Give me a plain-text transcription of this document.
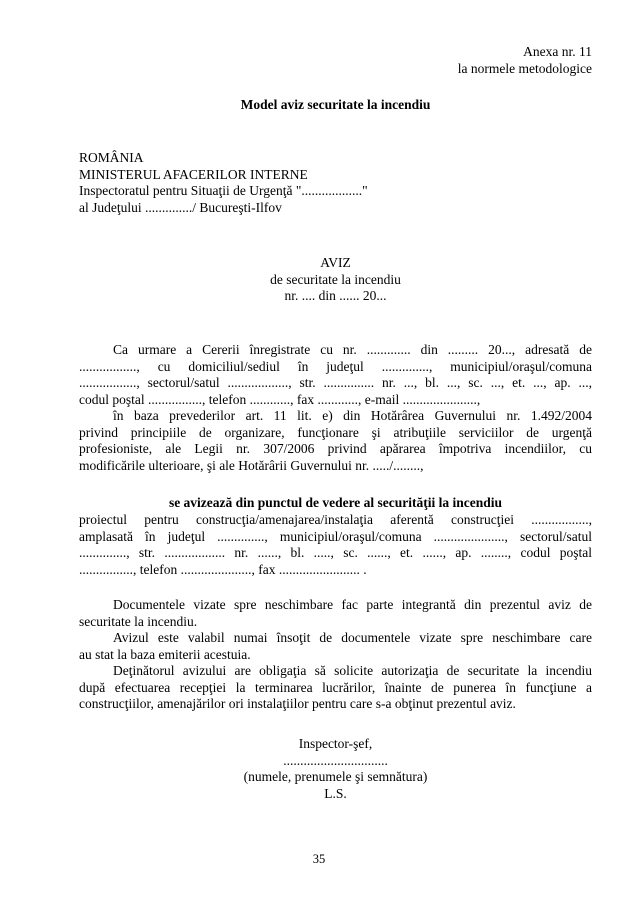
Anexa nr. 11
la normele metodologice
Model aviz securitate la incendiu
ROMÂNIA
MINISTERUL AFACERILOR INTERNE
Inspectoratul pentru Situaţii de Urgenţă ".................."
al Judeţului ............../ Bucureşti-Ilfov
AVIZ
de securitate la incendiu
nr. .... din ...... 20...
Ca urmare a Cererii înregistrate cu nr. ............. din ......... 20..., adresată de
................., cu domiciliul/sediul în judeţul .............., municipiul/oraşul/comuna
................., sectorul/satul .................., str. ............... nr. ..., bl. ..., sc. ..., et. ..., ap. ...,
codul poştal ................, telefon ............, fax ............, e-mail ......................,
în baza prevederilor art. 11 lit. e) din Hotărârea Guvernului nr. 1.492/2004
privind principiile de organizare, funcţionare şi atribuţiile serviciilor de urgenţă
profesioniste, ale Legii nr. 307/2006 privind apărarea împotriva incendiilor, cu
modificările ulterioare, şi ale Hotărârii Guvernului nr. ...../........,
se avizează din punctul de vedere al securităţii la incendiu
proiectul pentru construcţia/amenajarea/instalaţia aferentă construcţiei .................,
amplasată în judeţul .............., municipiul/oraşul/comuna ....................., sectorul/satul
.............., str. .................. nr. ......, bl. ....., sc. ......, et. ......, ap. ........, codul poştal
................, telefon ....................., fax ........................ .
Documentele vizate spre neschimbare fac parte integrantă din prezentul aviz de
securitate la incendiu.
Avizul este valabil numai însoţit de documentele vizate spre neschimbare care
au stat la baza emiterii acestuia.
Deţinătorul avizului are obligaţia să solicite autorizaţia de securitate la incendiu
după efectuarea recepţiei la terminarea lucrărilor, înainte de punerea în funcţiune a
construcţiilor, amenajărilor ori instalaţiilor pentru care s-a obţinut prezentul aviz.
Inspector-şef,
...............................
(numele, prenumele şi semnătura)
L.S.
35
